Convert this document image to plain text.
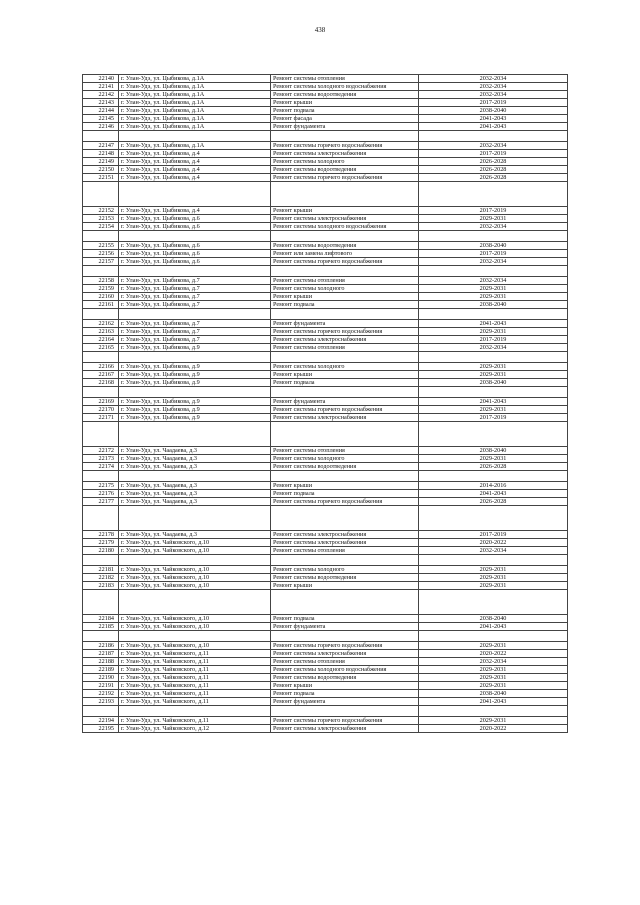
438
22140	г. Улан-Удэ, ул. Цыбикова, д.1А	Ремонт системы отопления	2032-2034
22141	г. Улан-Удэ, ул. Цыбикова, д.1А	Ремонт системы холодного водоснабжения	2032-2034
22142	г. Улан-Удэ, ул. Цыбикова, д.1А	Ремонт системы водоотведения	2032-2034
22143	г. Улан-Удэ, ул. Цыбикова, д.1А	Ремонт крыши	2017-2019
22144	г. Улан-Удэ, ул. Цыбикова, д.1А	Ремонт подвала	2038-2040
22145	г. Улан-Удэ, ул. Цыбикова, д.1А	Ремонт фасада	2041-2043
22146	г. Улан-Удэ, ул. Цыбикова, д.1А	Ремонт фундамента	2041-2043

22147	г. Улан-Удэ, ул. Цыбикова, д.1А	Ремонт системы горячего водоснабжения	2032-2034
22148	г. Улан-Удэ, ул. Цыбикова, д.4	Ремонт системы электроснабжения	2017-2019
22149	г. Улан-Удэ, ул. Цыбикова, д.4	Ремонт системы холодного	2026-2028
22150	г. Улан-Удэ, ул. Цыбикова, д.4	Ремонт системы водоотведения	2026-2028
22151	г. Улан-Удэ, ул. Цыбикова, д.4	Ремонт системы горячего водоснабжения	2026-2028

22152	г. Улан-Удэ, ул. Цыбикова, д.4	Ремонт крыши	2017-2019
22153	г. Улан-Удэ, ул. Цыбикова, д.6	Ремонт системы электроснабжения	2029-2031
22154	г. Улан-Удэ, ул. Цыбикова, д.6	Ремонт системы холодного водоснабжения	2032-2034

22155	г. Улан-Удэ, ул. Цыбикова, д.6	Ремонт системы водоотведения	2038-2040
22156	г. Улан-Удэ, ул. Цыбикова, д.6	Ремонт или замена лифтового	2017-2019
22157	г. Улан-Удэ, ул. Цыбикова, д.6	Ремонт системы горячего водоснабжения	2032-2034

22158	г. Улан-Удэ, ул. Цыбикова, д.7	Ремонт системы отопления	2032-2034
22159	г. Улан-Удэ, ул. Цыбикова, д.7	Ремонт системы холодного	2029-2031
22160	г. Улан-Удэ, ул. Цыбикова, д.7	Ремонт крыши	2029-2031
22161	г. Улан-Удэ, ул. Цыбикова, д.7	Ремонт подвала	2038-2040

22162	г. Улан-Удэ, ул. Цыбикова, д.7	Ремонт фундамента	2041-2043
22163	г. Улан-Удэ, ул. Цыбикова, д.7	Ремонт системы горячего водоснабжения	2029-2031
22164	г. Улан-Удэ, ул. Цыбикова, д.7	Ремонт системы электроснабжения	2017-2019
22165	г. Улан-Удэ, ул. Цыбикова, д.9	Ремонт системы отопления	2032-2034

22166	г. Улан-Удэ, ул. Цыбикова, д.9	Ремонт системы холодного	2029-2031
22167	г. Улан-Удэ, ул. Цыбикова, д.9	Ремонт крыши	2029-2031
22168	г. Улан-Удэ, ул. Цыбикова, д.9	Ремонт подвала	2038-2040

22169	г. Улан-Удэ, ул. Цыбикова, д.9	Ремонт фундамента	2041-2043
22170	г. Улан-Удэ, ул. Цыбикова, д.9	Ремонт системы горячего водоснабжения	2029-2031
22171	г. Улан-Удэ, ул. Цыбикова, д.9	Ремонт системы электроснабжения	2017-2019

22172	г. Улан-Удэ, ул. Чаадаева, д.3	Ремонт системы отопления	2038-2040
22173	г. Улан-Удэ, ул. Чаадаева, д.3	Ремонт системы холодного	2029-2031
22174	г. Улан-Удэ, ул. Чаадаева, д.3	Ремонт системы водоотведения	2026-2028

22175	г. Улан-Удэ, ул. Чаадаева, д.3	Ремонт крыши	2014-2016
22176	г. Улан-Удэ, ул. Чаадаева, д.3	Ремонт подвала	2041-2043
22177	г. Улан-Удэ, ул. Чаадаева, д.3	Ремонт системы горячего водоснабжения	2026-2028

22178	г. Улан-Удэ, ул. Чаадаева, д.3	Ремонт системы электроснабжения	2017-2019
22179	г. Улан-Удэ, ул. Чайковского, д.10	Ремонт системы электроснабжения	2020-2022
22180	г. Улан-Удэ, ул. Чайковского, д.10	Ремонт системы отопления	2032-2034

22181	г. Улан-Удэ, ул. Чайковского, д.10	Ремонт системы холодного	2029-2031
22182	г. Улан-Удэ, ул. Чайковского, д.10	Ремонт системы водоотведения	2029-2031
22183	г. Улан-Удэ, ул. Чайковского, д.10	Ремонт крыши	2029-2031

22184	г. Улан-Удэ, ул. Чайковского, д.10	Ремонт подвала	2038-2040
22185	г. Улан-Удэ, ул. Чайковского, д.10	Ремонт фундамента	2041-2043

22186	г. Улан-Удэ, ул. Чайковского, д.10	Ремонт системы горячего водоснабжения	2029-2031
22187	г. Улан-Удэ, ул. Чайковского, д.11	Ремонт системы электроснабжения	2020-2022
22188	г. Улан-Удэ, ул. Чайковского, д.11	Ремонт системы отопления	2032-2034
22189	г. Улан-Удэ, ул. Чайковского, д.11	Ремонт системы холодного водоснабжения	2029-2031
22190	г. Улан-Удэ, ул. Чайковского, д.11	Ремонт системы водоотведения	2029-2031
22191	г. Улан-Удэ, ул. Чайковского, д.11	Ремонт крыши	2029-2031
22192	г. Улан-Удэ, ул. Чайковского, д.11	Ремонт подвала	2038-2040
22193	г. Улан-Удэ, ул. Чайковского, д.11	Ремонт фундамента	2041-2043

22194	г. Улан-Удэ, ул. Чайковского, д.11	Ремонт системы горячего водоснабжения	2029-2031
22195	г. Улан-Удэ, ул. Чайковского, д.12	Ремонт системы электроснабжения	2020-2022
